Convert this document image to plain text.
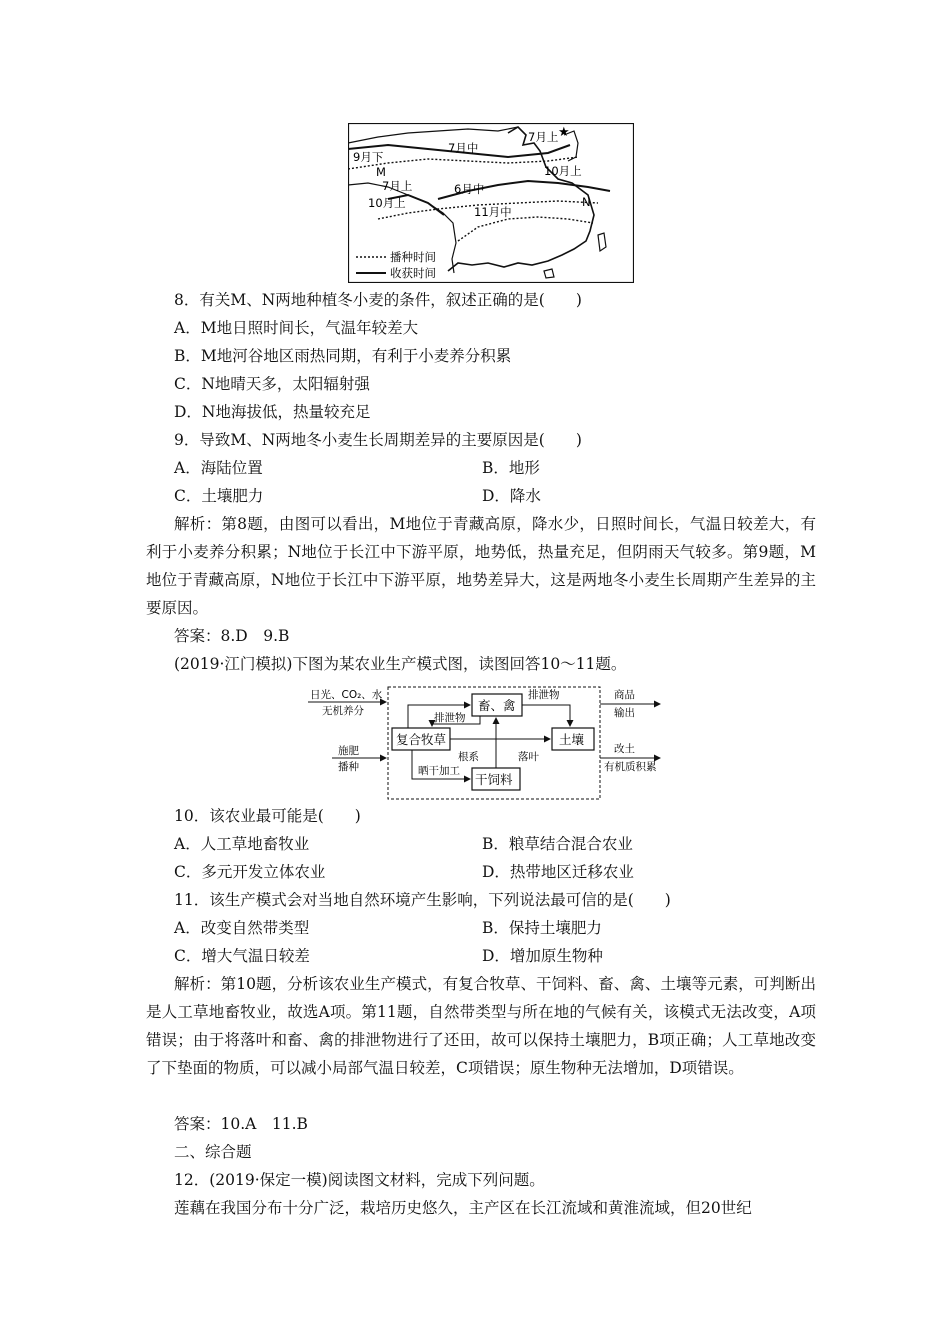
★
7月中
7月上
9月下
M
7月上	6月中
10月上
10月上
11月中
N
播种时间
收获时间
8．有关M、N两地种植冬小麦的条件，叙述正确的是(　　)
A．M地日照时间长，气温年较差大
B．M地河谷地区雨热同期，有利于小麦养分积累
C．N地晴天多，太阳辐射强
D．N地海拔低，热量较充足
9．导致M、N两地冬小麦生长周期差异的主要原因是(　　)
A．海陆位置	B．地形
C．土壤肥力	D．降水
解析：第8题，由图可以看出，M地位于青藏高原，降水少，日照时间长，气温日较差大，有利于小麦养分积累；N地位于长江中下游平原，地势低，热量充足，但阴雨天气较多。第9题，M地位于青藏高原，N地位于长江中下游平原，地势差异大，这是两地冬小麦生长周期产生差异的主要原因。
答案：8.D　9.B
(2019·江门模拟)下图为某农业生产模式图，读图回答10～11题。
畜、禽
复合牧草	土壤
干饲料
排泄物
排泄物
根系	落叶
晒干加工
日光、CO₂、水
无机养分
施肥
播种
商品
输出
改土
有机质积累
10．该农业最可能是(　　)
A．人工草地畜牧业	B．粮草结合混合农业
C．多元开发立体农业	D．热带地区迁移农业
11．该生产模式会对当地自然环境产生影响，下列说法最可信的是(　　)
A．改变自然带类型	B．保持土壤肥力
C．增大气温日较差	D．增加原生物种
解析：第10题，分析该农业生产模式，有复合牧草、干饲料、畜、禽、土壤等元素，可判断出是人工草地畜牧业，故选A项。第11题，自然带类型与所在地的气候有关，该模式无法改变，A项错误；由于将落叶和畜、禽的排泄物进行了还田，故可以保持土壤肥力，B项正确；人工草地改变了下垫面的物质，可以减小局部气温日较差，C项错误；原生物种无法增加，D项错误。
答案：10.A　11.B
二、综合题
12．(2019·保定一模)阅读图文材料，完成下列问题。
莲藕在我国分布十分广泛，栽培历史悠久，主产区在长江流域和黄淮流域，但20世纪
